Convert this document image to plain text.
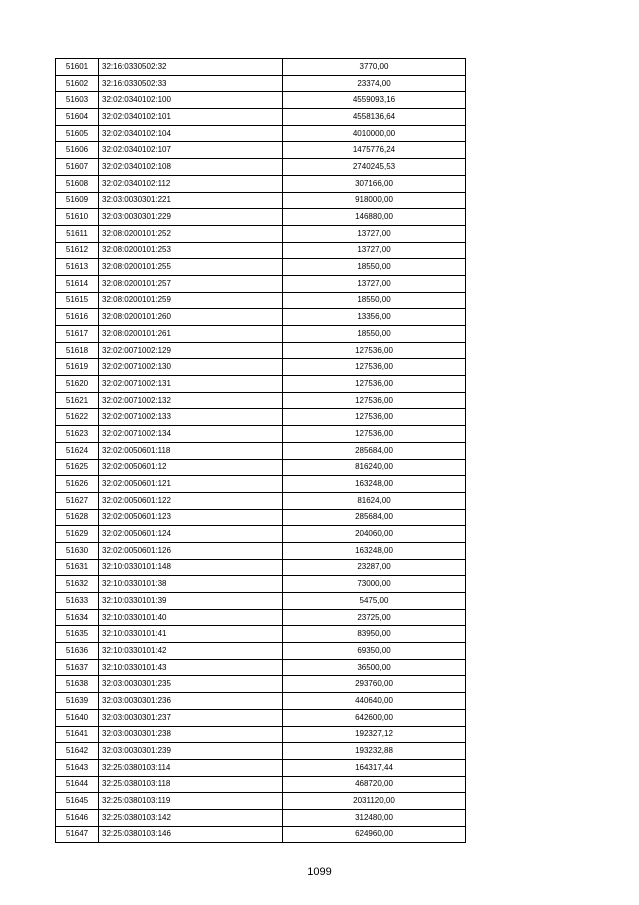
51601	32:16:0330502:32	3770,00
51602	32:16:0330502:33	23374,00
51603	32:02:0340102:100	4559093,16
51604	32:02:0340102:101	4558136,64
51605	32:02:0340102:104	4010000,00
51606	32:02:0340102:107	1475776,24
51607	32:02:0340102:108	2740245,53
51608	32:02:0340102:112	307166,00
51609	32:03:0030301:221	918000,00
51610	32:03:0030301:229	146880,00
51611	32:08:0200101:252	13727,00
51612	32:08:0200101:253	13727,00
51613	32:08:0200101:255	18550,00
51614	32:08:0200101:257	13727,00
51615	32:08:0200101:259	18550,00
51616	32:08:0200101:260	13356,00
51617	32:08:0200101:261	18550,00
51618	32:02:0071002:129	127536,00
51619	32:02:0071002:130	127536,00
51620	32:02:0071002:131	127536,00
51621	32:02:0071002:132	127536,00
51622	32:02:0071002:133	127536,00
51623	32:02:0071002:134	127536,00
51624	32:02:0050601:118	285684,00
51625	32:02:0050601:12	816240,00
51626	32:02:0050601:121	163248,00
51627	32:02:0050601:122	81624,00
51628	32:02:0050601:123	285684,00
51629	32:02:0050601:124	204060,00
51630	32:02:0050601:126	163248,00
51631	32:10:0330101:148	23287,00
51632	32:10:0330101:38	73000,00
51633	32:10:0330101:39	5475,00
51634	32:10:0330101:40	23725,00
51635	32:10:0330101:41	83950,00
51636	32:10:0330101:42	69350,00
51637	32:10:0330101:43	36500,00
51638	32:03:0030301:235	293760,00
51639	32:03:0030301:236	440640,00
51640	32:03:0030301:237	642600,00
51641	32:03:0030301:238	192327,12
51642	32:03:0030301:239	193232,88
51643	32:25:0380103:114	164317,44
51644	32:25:0380103:118	468720,00
51645	32:25:0380103:119	2031120,00
51646	32:25:0380103:142	312480,00
51647	32:25:0380103:146	624960,00
1099
